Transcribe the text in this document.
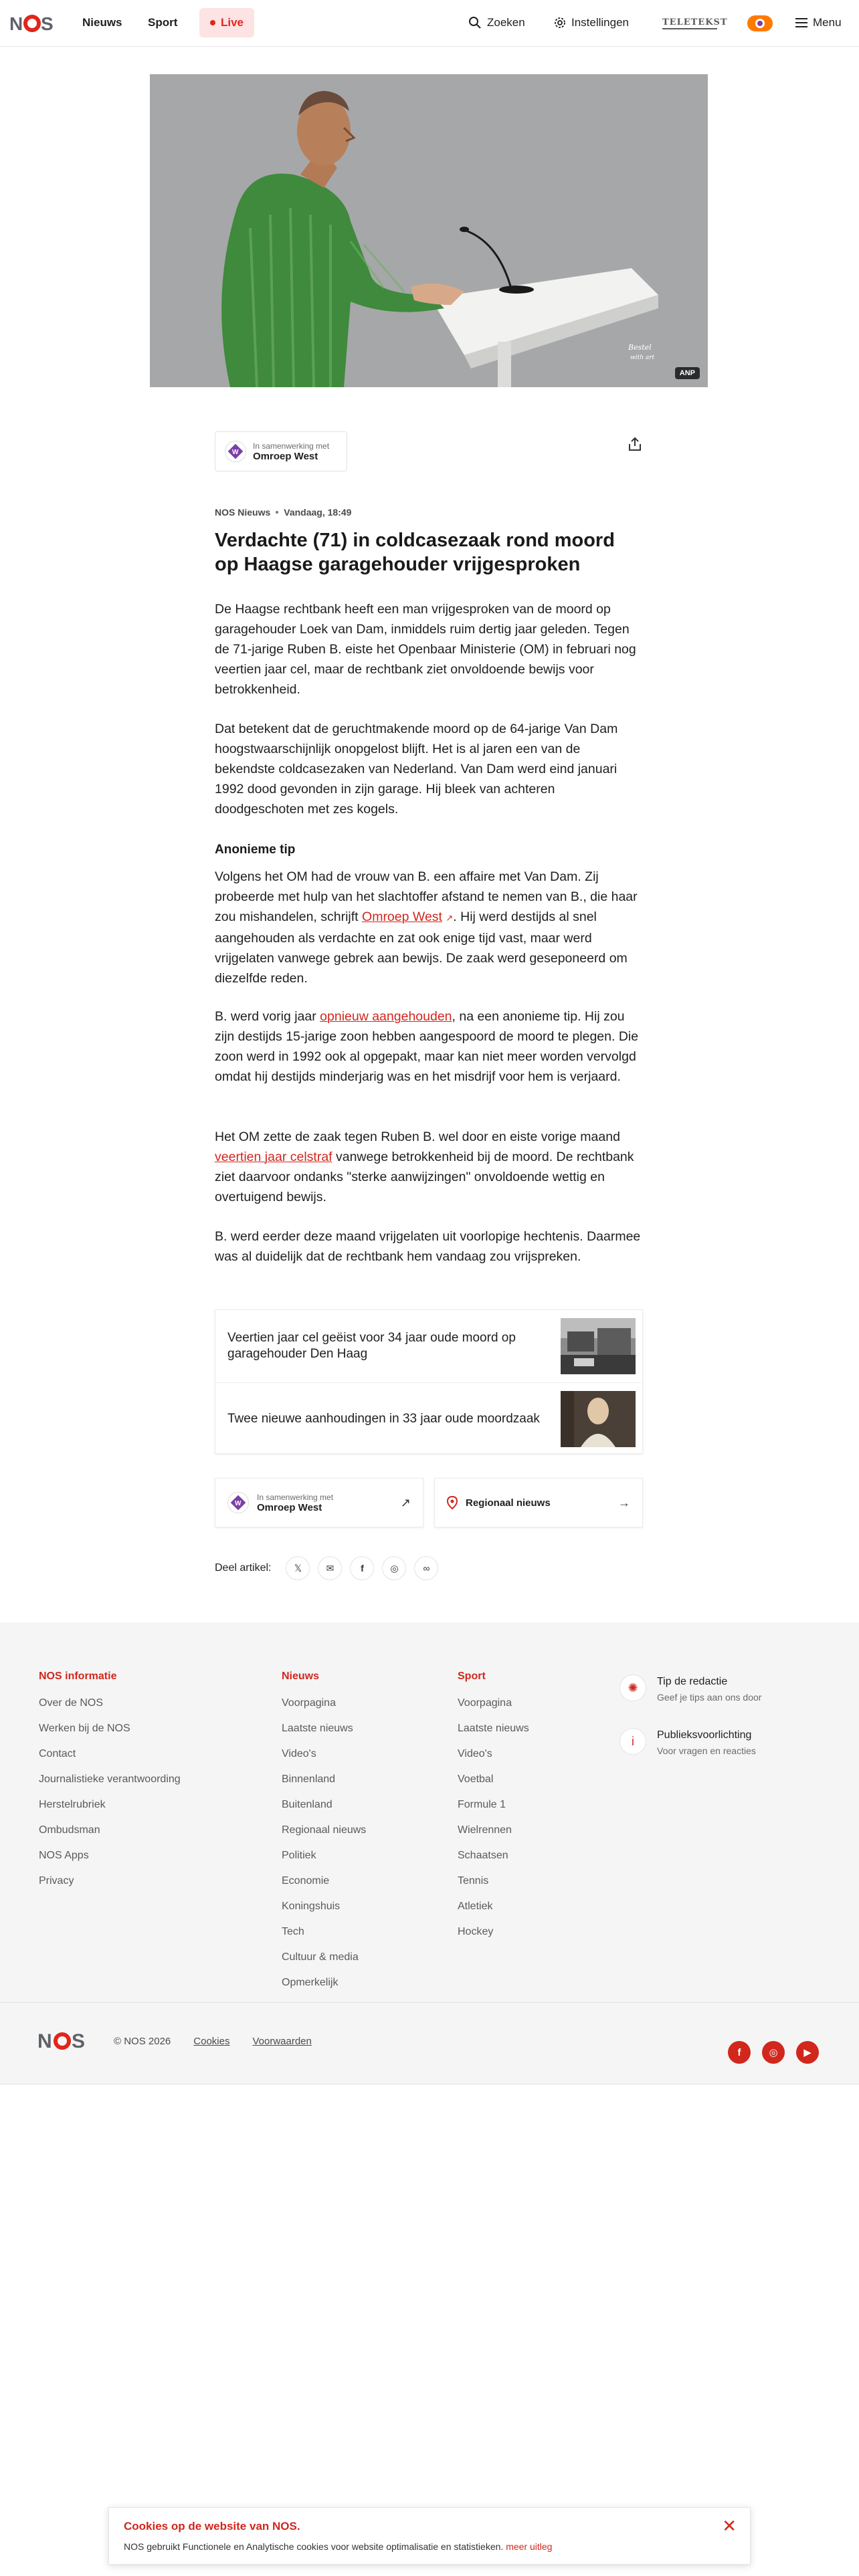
N S	Nieuws Sport	Live	Zoeken	Instellingen	TELETEKST	Menu
Bestel
with art
ANP
W
In samenwerking met
Omroep West
NOS Nieuws Vandaag, 18:49
Verdachte (71) in coldcasezaak rond moord op Haagse garagehouder vrijgesproken

De Haagse rechtbank heeft een man vrijgesproken van de moord op garagehouder Loek van Dam, inmiddels ruim dertig jaar geleden. Tegen de 71-jarige Ruben B. eiste het Openbaar Ministerie (OM) in februari nog veertien jaar cel, maar de rechtbank ziet onvoldoende bewijs voor betrokkenheid.

Dat betekent dat de geruchtmakende moord op de 64-jarige Van Dam hoogstwaarschijnlijk onopgelost blijft. Het is al jaren een van de bekendste coldcasezaken van Nederland. Van Dam werd eind januari 1992 dood gevonden in zijn garage. Hij bleek van achteren doodgeschoten met zes kogels.

Anonieme tip

Volgens het OM had de vrouw van B. een affaire met Van Dam. Zij probeerde met hulp van het slachtoffer afstand te nemen van B., die haar zou mishandelen, schrijft Omroep West ↗. Hij werd destijds al snel aangehouden als verdachte en zat ook enige tijd vast, maar werd vrijgelaten vanwege gebrek aan bewijs. De zaak werd geseponeerd om diezelfde reden.

B. werd vorig jaar opnieuw aangehouden, na een anonieme tip. Hij zou zijn destijds 15-jarige zoon hebben aangespoord de moord te plegen. Die zoon werd in 1992 ook al opgepakt, maar kan niet meer worden vervolgd omdat hij destijds minderjarig was en het misdrijf voor hem is verjaard.

Het OM zette de zaak tegen Ruben B. wel door en eiste vorige maand veertien jaar celstraf vanwege betrokkenheid bij de moord. De rechtbank ziet daarvoor ondanks "sterke aanwijzingen" onvoldoende wettig en overtuigend bewijs.

B. werd eerder deze maand vrijgelaten uit voorlopige hechtenis. Daarmee was al duidelijk dat de rechtbank hem vandaag zou vrijspreken.

Veertien jaar cel geëist voor 34 jaar oude moord op garagehouder Den Haag
Twee nieuwe aanhoudingen in 33 jaar oude moordzaak
W
In samenwerking met
Omroep West	↗	Regionaal nieuws	→
Deel artikel:	𝕏	✉	f	◎	∞
NOS informatie
Over de NOS
Werken bij de NOS
Contact
Journalistieke verantwoording
Herstelrubriek
Ombudsman
NOS Apps
Privacy
Nieuws
Voorpagina
Laatste nieuws
Video's
Binnenland
Buitenland
Regionaal nieuws
Politiek
Economie
Koningshuis
Tech
Cultuur & media
Opmerkelijk
Sport
Voorpagina
Laatste nieuws
Video's
Voetbal
Formule 1
Wielrennen
Schaatsen
Tennis
Atletiek
Hockey
✺	Tip de redactie
Geef je tips aan ons door
i	Publieksvoorlichting
Voor vragen en reacties
N S	© NOS 2026 Cookies Voorwaarden
f	◎	▶
Cookies op de website van NOS.
NOS gebruikt Functionele en Analytische cookies voor website optimalisatie en statistieken. meer uitleg
✕
